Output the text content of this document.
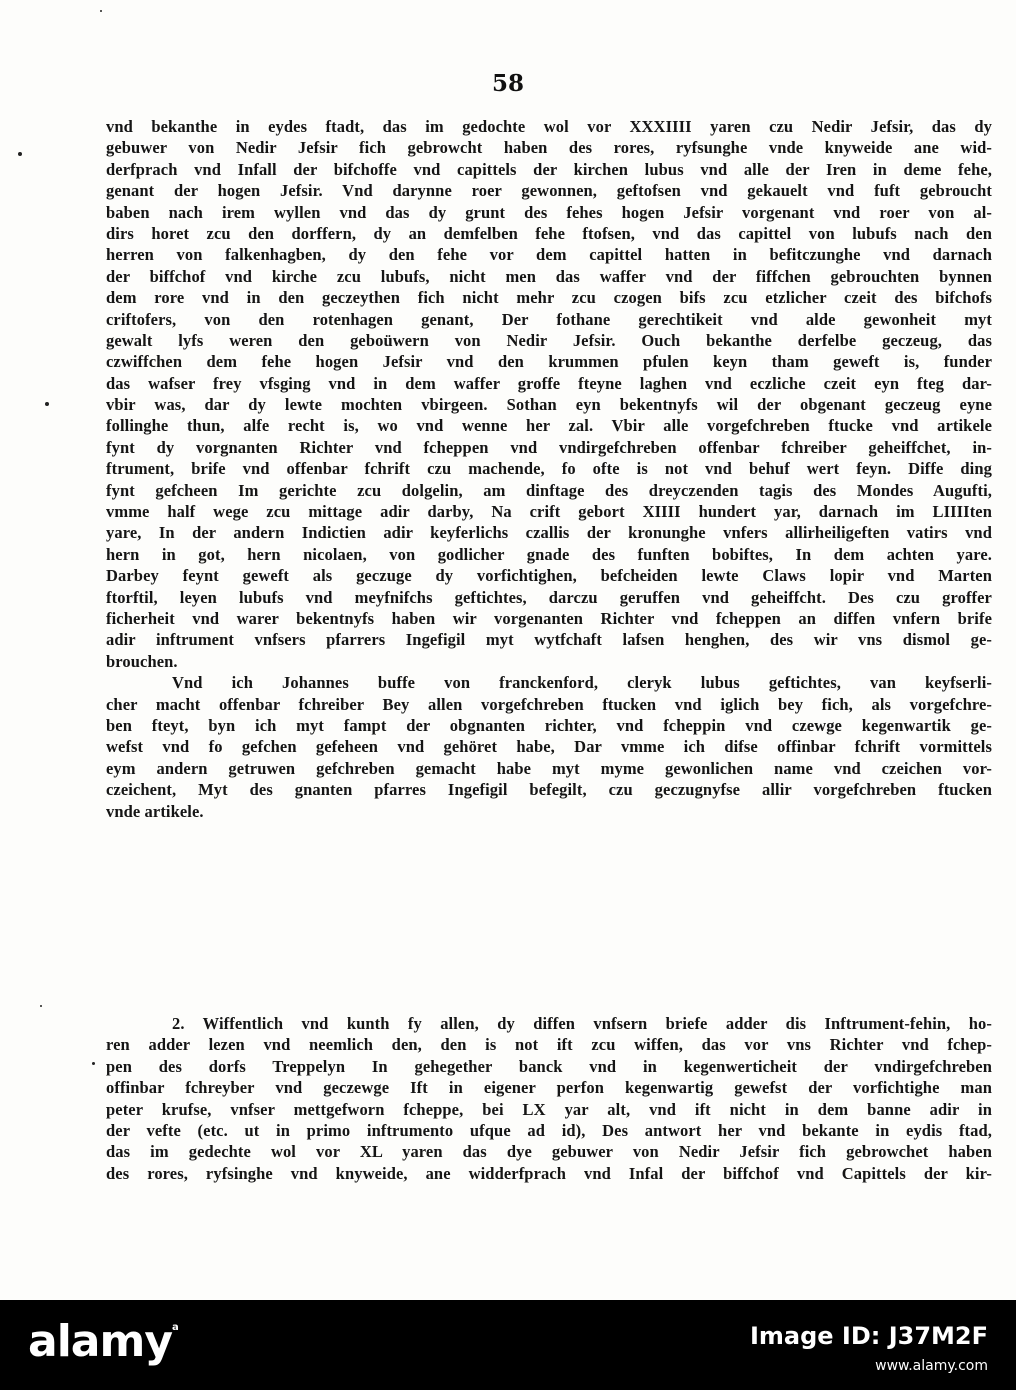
58
vnd bekanthe in eydes ftadt, das im gedochte wol vor XXXIIII yaren czu Nedir Jefsir, das dy
gebuwer von Nedir Jefsir fich gebrowcht haben des rores, ryfsunghe vnde knyweide ane wid-
derfprach vnd Infall der bifchoffe vnd capittels der kirchen lubus vnd alle der Iren in deme fehe,
genant der hogen Jefsir. Vnd darynne roer gewonnen, geftofsen vnd gekauelt vnd fuft gebroucht
baben nach irem wyllen vnd das dy grunt des fehes hogen Jefsir vorgenant vnd roer von al-
dirs horet zcu den dorffern, dy an demfelben fehe ftofsen, vnd das capittel von lubufs nach den
herren von falkenhagben, dy den fehe vor dem capittel hatten in befitczunghe vnd darnach
der biffchof vnd kirche zcu lubufs, nicht men das waffer vnd der fiffchen gebrouchten bynnen
dem rore vnd in den geczeythen fich nicht mehr zcu czogen bifs zcu etzlicher czeit des bifchofs
criftofers, von den rotenhagen genant, Der fothane gerechtikeit vnd alde gewonheit myt
gewalt lyfs weren den geboüwern von Nedir Jefsir. Ouch bekanthe derfelbe geczeug, das
czwiffchen dem fehe hogen Jefsir vnd den krummen pfulen keyn tham geweft is, funder
das wafser frey vfsging vnd in dem waffer groffe fteyne laghen vnd eczliche czeit eyn fteg dar-
vbir was, dar dy lewte mochten vbirgeen. Sothan eyn bekentnyfs wil der obgenant geczeug eyne
follinghe thun, alfe recht is, wo vnd wenne her zal. Vbir alle vorgefchreben ftucke vnd artikele
fynt dy vorgnanten Richter vnd fcheppen vnd vndirgefchreben offenbar fchreiber geheiffchet, in-
ftrument, brife vnd offenbar fchrift czu machende, fo ofte is not vnd behuf wert feyn. Diffe ding
fynt gefcheen Im gerichte zcu dolgelin, am dinftage des dreyczenden tagis des Mondes Augufti,
vmme half wege zcu mittage adir darby, Na crift gebort XIIII hundert yar, darnach im LIIIIten
yare, In der andern Indictien adir keyferlichs czallis der kronunghe vnfers allirheiligeften vatirs vnd
hern in got, hern nicolaen, von godlicher gnade des funften bobiftes, In dem achten yare.
Darbey feynt geweft als geczuge dy vorfichtighen, befcheiden lewte Claws lopir vnd Marten
ftorftil, leyen lubufs vnd meyfnifchs geftichtes, darczu geruffen vnd geheiffcht. Des czu groffer
ficherheit vnd warer bekentnyfs haben wir vorgenanten Richter vnd fcheppen an diffen vnfern brife
adir inftrument vnfsers pfarrers Ingefigil myt wytfchaft lafsen henghen, des wir vns dismol ge-
brouchen.
Vnd ich Johannes buffe von franckenford, cleryk lubus geftichtes, van keyfserli-
cher macht offenbar fchreiber Bey allen vorgefchreben ftucken vnd iglich bey fich, als vorgefchre-
ben fteyt, byn ich myt fampt der obgnanten richter, vnd fcheppin vnd czewge kegenwartik ge-
wefst vnd fo gefchen gefeheen vnd gehöret habe, Dar vmme ich difse offinbar fchrift vormittels
eym andern getruwen gefchreben gemacht habe myt myme gewonlichen name vnd czeichen vor-
czeichent, Myt des gnanten pfarres Ingefigil befegilt, czu geczugnyfse allir vorgefchreben ftucken
vnde artikele.
2. Wiffentlich vnd kunth fy allen, dy diffen vnfsern briefe adder dis Inftrument-fehin, ho-
ren adder lezen vnd neemlich den, den is not ift zcu wiffen, das vor vns Richter vnd fchep-
pen des dorfs Treppelyn In gehegether banck vnd in kegenwerticheit der vndirgefchreben
offinbar fchreyber vnd geczewge Ift in eigener perfon kegenwartig gewefst der vorfichtighe man
peter krufse, vnfser mettgefworn fcheppe, bei LX yar alt, vnd ift nicht in dem banne adir in
der vefte (etc. ut in primo inftrumento ufque ad id), Des antwort her vnd bekante in eydis ftad,
das im gedechte wol vor XL yaren das dye gebuwer von Nedir Jefsir fich gebrowchet haben
des rores, ryfsinghe vnd knyweide, ane widderfprach vnd Infal der biffchof vnd Capittels der kir-
alamy$^a$	Image ID: J37M2F
www.alamy.com
